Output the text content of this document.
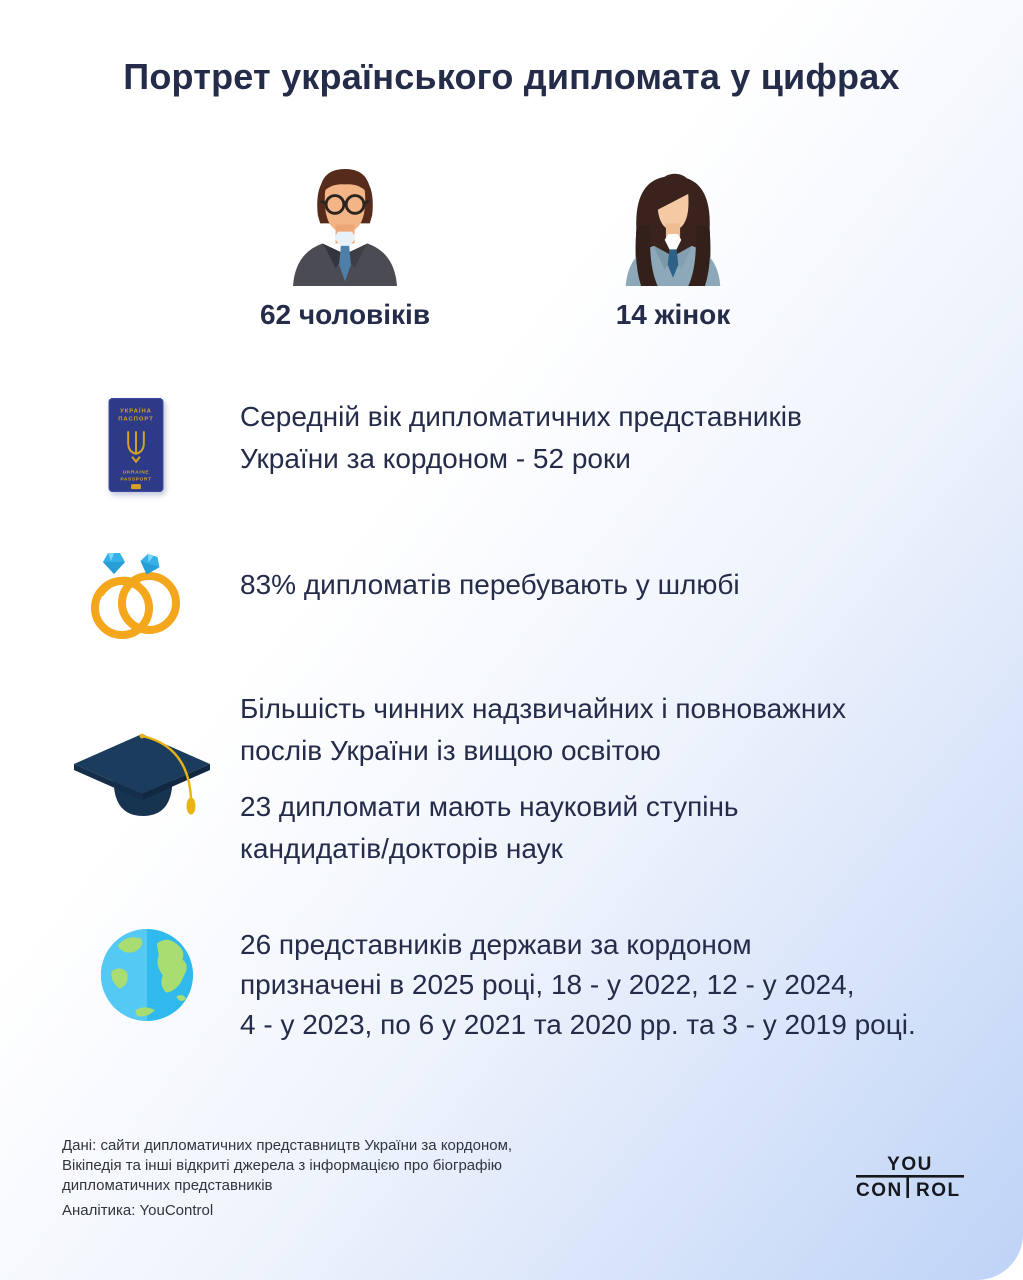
Портрет українського дипломата у цифрах
62 чоловіків	14 жінок
УКРАЇНА
ПАСПОРТ
UKRAINE
PASSPORT
Середній вік дипломатичних представників
України за кордоном - 52 роки
83% дипломатів перебувають у шлюбі
Більшість чинних надзвичайних і повноважних
послів України із вищою освітою
23 дипломати мають науковий ступінь
кандидатів/докторів наук
26 представників держави за кордоном
призначені в 2025 році, 18 - у 2022, 12 - у 2024,
4 - у 2023, по 6 у 2021 та 2020 рр. та 3 - у 2019 році.
Дані: сайти дипломатичних представництв України за кордоном,
Вікіпедія та інші відкриті джерела з інформацією про біографію
дипломатичних представників
Аналітика: YouControl
YOU
CON ROL
